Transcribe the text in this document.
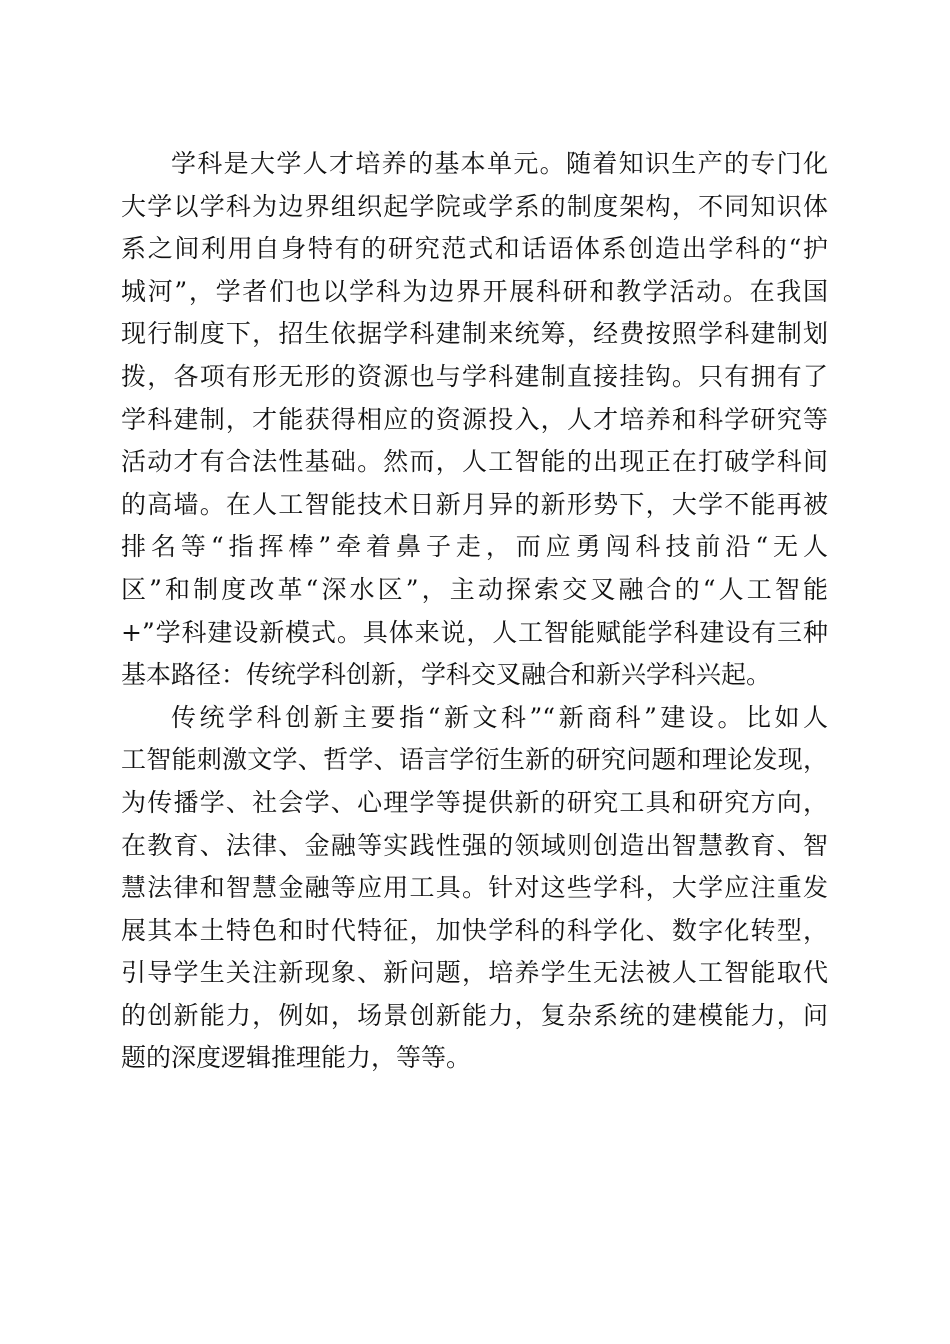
学科是大学人才培养的基本单元。随着知识生产的专门化
大学以学科为边界组织起学院或学系的制度架构，不同知识体
系之间利用自身特有的研究范式和话语体系创造出学科的“护
城河”，学者们也以学科为边界开展科研和教学活动。在我国
现行制度下，招生依据学科建制来统筹，经费按照学科建制划
拨，各项有形无形的资源也与学科建制直接挂钩。只有拥有了
学科建制，才能获得相应的资源投入，人才培养和科学研究等
活动才有合法性基础。然而，人工智能的出现正在打破学科间
的高墙。在人工智能技术日新月异的新形势下，大学不能再被
排名等“指挥棒”牵着鼻子走，而应勇闯科技前沿“无人
区”和制度改革“深水区”，主动探索交叉融合的“人工智能
+”学科建设新模式。具体来说，人工智能赋能学科建设有三种
基本路径：传统学科创新，学科交叉融合和新兴学科兴起。
传统学科创新主要指“新文科”“新商科”建设。比如人
工智能刺激文学、哲学、语言学衍生新的研究问题和理论发现，
为传播学、社会学、心理学等提供新的研究工具和研究方向，
在教育、法律、金融等实践性强的领域则创造出智慧教育、智
慧法律和智慧金融等应用工具。针对这些学科，大学应注重发
展其本土特色和时代特征，加快学科的科学化、数字化转型，
引导学生关注新现象、新问题，培养学生无法被人工智能取代
的创新能力，例如，场景创新能力，复杂系统的建模能力，问
题的深度逻辑推理能力，等等。
